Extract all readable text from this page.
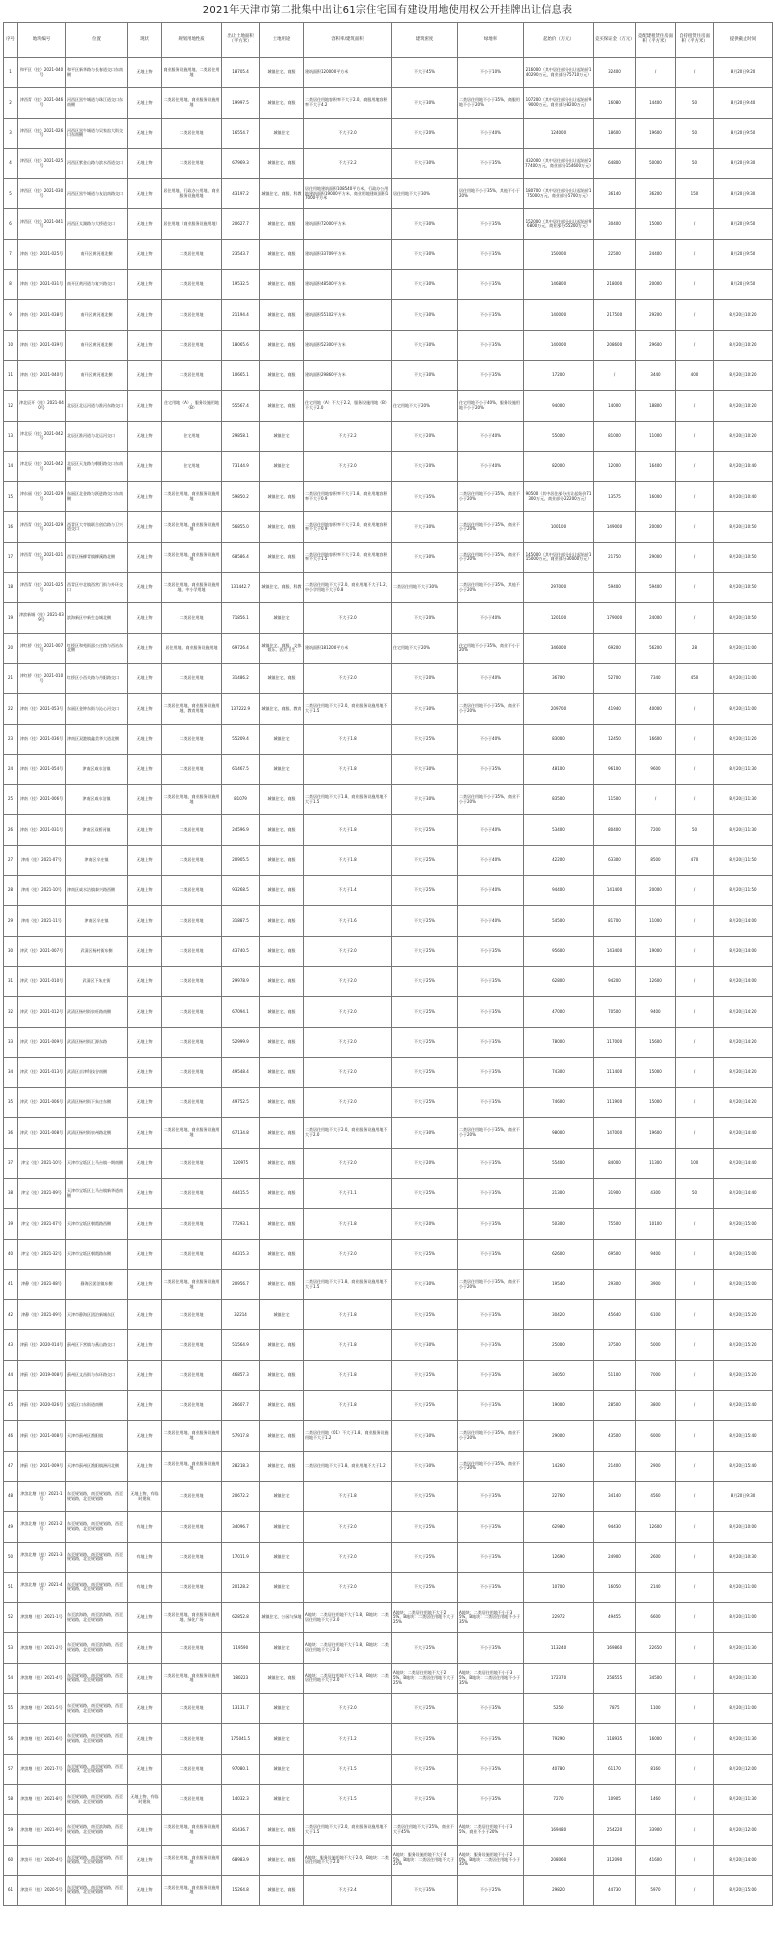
2021年天津市第二批集中出让61宗住宅国有建设用地使用权公开挂牌出让信息表
序号	地块编号	位置	现状	规划用地性质	出让土地面积（平方米）	土地用途	容积率/建筑面积	建筑密度	绿地率	起始价（万元）	竞买保证金（万元）	竞配建租赁住房面积（平方米）	自持租赁住房面积（平方米）	提供截止时间
1	和平区（挂）2021-040号	和平区新华路与长春道交口东南侧	无地上物	商业服务设施用地、二类居住用地	18705.4	城镇住宅、商服	建筑面积120000平方米	不大于45%	不小于10%	216000（其中居住部分出让起始价140290万元，商业部分75710万元）	32400	/	/	8月20日9:20
2	津西青（挂）2021-046号	河西区黑牛城道与珠江道交口东南侧	无地上物	二类居住用地、商业服务设施用地	19997.5	城镇住宅、商服	二类居住用地容积率不大于2.0，商服用地容积率不大于4.2	不大于30%	二类居住用地不小于35%，商服用地不小于20%	107200（其中居住部分出让起始价99000万元，商业部分8200万元）	16080	14400	50	8月20日9:40
3	津西区（挂）2021-026号	河西区黑牛城道与吴家窑大街交口东南侧	无地上物	二类居住用地	16554.7	城镇住宅	不大于2.0	不大于20%	不小于40%	124000	18600	19600	50	8月20日9:50
4	津西区（挂）2021-025号	河西区紫金山路与滨水西道交口	无地上物	二类居住用地	67969.3	城镇住宅、商服	不大于2.2	不大于30%	不小于35%	432000（其中居住部分出让起始价277400万元，商业部分154600万元）	64800	50000	50	8月20日9:30
5	津西区（挂）2021-030号	河西区黑牛城道与友谊南路交口	无地上物	居住用地、行政办公用地、商业服务设施用地	43197.2	城镇住宅、商服、科教	居住用地建筑面积108540平方米，行政办公用地建筑面积19000平方米，商业用地建筑面积17000平方米	居住用地不大于30%	居住用地不小于35%，其他不小于20%	180700（其中居住部分出让起始价175000万元，商业部分5700万元）	36140	36200	150	8月20日9:30
6	津西区（挂）2021-041号	河西区太湖路与大桥道交口	无地上物	居住用地（商业服务设施用地）	20627.7	城镇住宅、商服	建筑面积72000平方米	不大于30%	不小于35%	152000（其中居住部分出让起始价96800万元，商业部分55200万元）	30400	15000	/	8月20日9:50
7	津南（挂）2021-025号	南开区黄河道北侧	无地上物	二类居住用地	23543.7	城镇住宅、商服	建筑面积33709平方米	不大于30%	不小于35%	150000	22500	24400	/	8月20日9:50
8	津南（挂）2021-031号	南开区黄河道与复兴路交口	无地上物	二类居住用地	19532.5	城镇住宅、商服	建筑面积48500平方米	不大于30%	不小于35%	146800	218000	20000	/	8月20日9:50
9	津南（挂）2021-038号	南开区黄河道北侧	无地上物	二类居住用地	21194.4	城镇住宅、商服	建筑面积55102平方米	不大于30%	不小于35%	140000	217500	29200	/	8月20日10:20
10	津南（挂）2021-039号	南开区黄河道北侧	无地上物	二类居住用地	18065.6	城镇住宅、商服	建筑面积52300平方米	不大于30%	不小于35%	140000	208600	29600	/	8月20日10:20
11	津南（挂）2021-040号	南开区黄河道北侧	无地上物	二类居住用地	10665.1	城镇住宅、商服	建筑面积29860平方米	不大于30%	不小于35%	17200	/	3440	400	8月20日10:20
12	津北辰开（挂）2021-040号	北辰区北运河道与淮河东路交口	无地上物	住宅用地（A）、服务设施用地（B）	55567.4	城镇住宅、商服	住宅用地（A）不大于2.2，服务设施用地（B）不大于2.0	住宅用地不大于20%	住宅用地不小于40%，服务设施用地不小于20%	94000	14000	18800	/	8月20日10:20
13	津北辰（挂）2021-042号	北辰区淮河道与北运河交口	无地上物	住宅用地	29858.1	城镇住宅	不大于2.2	不大于20%	不小于40%	55000	81000	11000	/	8月20日10:20
14	津北辰（挂）2021-042号	北辰区天龙路与朝阳路交口东南侧	无地上物	住宅用地	73144.9	城镇住宅	不大于2.0	不大于20%	不小于40%	82000	12000	16400	/	8月20日10:40
15	津东丽（挂）2021-029号	东丽区北金路与跃进路交口东南侧	无地上物	二类居住用地、商业服务设施用地	59850.2	城镇住宅、商服	二类居住用地容积率不大于1.8，商业用地容积率不大于0.9	不大于35%	二类居住用地不小于35%，商业不小于20%	90500（其中居住部分出让起始价71300万元，商业部分22200万元）	13575	16000	/	8月20日10:40
16	津西青（挂）2021-029号	西青区大寺镇联合创信路与卫兴道交口	无地上物	二类居住用地、商业服务设施用地	56855.0	城镇住宅、商服	二类居住用地容积率不大于2.0，商业用地容积率不大于0.9	不大于30%	二类居住用地不小于35%，商业不小于20%	100100	149000	20000	/	8月20日10:50
17	津西青（挂）2021-021号	西青区杨柳青镇柳溪路北侧	无地上物	二类居住用地、商业服务设施用地	68586.4	城镇住宅、商服	二类居住用地容积率不大于2.0，商业用地容积率不大于1.5	不大于30%	二类居住用地不小于35%，商业不小于20%	145000（其中居住部分出让起始价115000万元，商业部分30000万元）	21750	29000	/	8月20日10:50
18	津西青（挂）2021-025号	西青区中北镇西营门街与外环交口	无地上物	二类居住用地、商业服务设施用地、中小学用地	131442.7	城镇住宅、商服、科教	二类居住用地不大于2.0，商业用地不大于1.2，中小学用地不大于0.8	二类居住用地不大于30%	二类居住用地不小于35%，其他不小于20%	297000	59400	59400	/	8月20日10:50
19	津滨新城（挂）2021-039号	滨海新区中新生态城北侧	无地上物	二类居住用地	71856.1	城镇住宅	不大于2.0	不大于20%	不小于40%	120100	179000	24000	/	8月20日10:50
20	津红桥（挂）2021-007号	红桥区和苑街邵公庄路与西站东北侧	无地上物	居住用地、商业服务设施用地	69726.4	城镇住宅、商服、文体娱乐、医疗卫生	建筑面积181200平方米	住宅用地不大于20%	住宅用地不小于35%，商业不小于20%	346000	69200	56200	28	8月20日11:00
21	津红桥（挂）2021-010号	红桥区小西关路与丹阳路交口	无地上物	二类居住用地	31486.2	城镇住宅、商服	不大于2.0	不大于20%	不小于40%	36700	52700	7340	450	8月20日11:00
22	津南（挂）2021-053号	东丽区金钟东街与沁心河交口	无地上物	二类居住用地、商业服务设施用地、教育用地	137222.9	城镇住宅、商服、教育	二类居住用地不大于2.0，商业服务设施用地不大于1.5	不大于30%	二类居住用地不小于35%，商业不小于20%	209700	41940	40000	/	8月20日11:00
23	津南（挂）2021-036号	津南区双港镇鑫美华大道北侧	无地上物	二类居住用地	55209.4	城镇住宅	不大于1.8	不大于25%	不小于40%	83000	12450	16600	/	8月20日11:20
24	津南（挂）2021-054号	津南区咸水沽镇	无地上物	二类居住用地	61467.5	城镇住宅	不大于1.8	不大于30%	不小于35%	48100	96100	9600	/	8月20日11:30
25	津南（挂）2021-006号	津南区咸水沽镇	无地上物	二类居住用地、商业服务设施用地	81079	城镇住宅、商服	二类居住用地不大于1.8，商业服务设施用地不大于1.5	不大于30%	二类居住用地不小于35%，商业不小于20%	83500	11500	/	/	8月20日11:30
26	津南（挂）2021-031号	津南区双桥河镇	无地上物	二类居住用地	24596.9	城镇住宅、商服	不大于1.8	不大于25%	不小于40%	53400	80400	7200	50	8月20日11:30
27	津南（挂）2021-07号	津南区辛庄镇	无地上物	二类居住用地	20905.5	城镇住宅、商服	不大于1.8	不大于25%	不小于40%	42200	63300	8500	470	8月20日11:50
28	津南（挂）2021-10号	津南区咸水沽镇泰兴路西侧	无地上物	二类居住用地	93268.5	城镇住宅、商服	不大于1.4	不大于25%	不小于40%	94400	141400	20000	/	8月20日11:50
29	津南（挂）2021-11号	津南区辛庄镇	无地上物	二类居住用地	31887.5	城镇住宅、商服	不大于1.6	不大于25%	不小于40%	54500	81700	11000	/	8月20日14:00
30	津武（挂）2021-007号	武清区杨村街东侧	无地上物	二类居住用地	43740.5	城镇住宅、商服	不大于2.0	不大于25%	不小于35%	95600	143400	19000	/	8月20日14:00
31	津武（挂）2021-010号	武清区下朱庄街	无地上物	二类居住用地	29978.9	城镇住宅、商服	不大于2.0	不大于25%	不小于35%	62800	94200	12600	/	8月20日14:00
32	津武（挂）2021-012号	武清区杨村街泉旺路南侧	无地上物	二类居住用地	67094.1	城镇住宅、商服	不大于2.0	不大于25%	不小于35%	47000	70500	9400	/	8月20日14:20
33	津武（挂）2021-009号	武清区杨村街汇源东路	无地上物	二类居住用地	52999.9	城镇住宅、商服	不大于2.0	不大于25%	不小于35%	78000	117000	15600	/	8月20日14:20
34	津武（挂）2021-013号	武清区京津科技谷南侧	无地上物	二类居住用地	49548.4	城镇住宅、商服	不大于2.0	不大于25%	不小于35%	74300	111400	15000	/	8月20日14:20
35	津武（挂）2021-006号	武清区杨村街下朱庄东侧	无地上物	二类居住用地	49752.5	城镇住宅、商服	不大于2.0	不大于25%	不小于35%	74600	111900	15000	/	8月20日14:20
36	津武（挂）2021-008号	武清区杨村街泉州路北侧	无地上物	二类居住用地、商业服务设施用地	67134.8	城镇住宅、商服	二类居住用地不大于2.0，商业服务设施用地不大于2.0	不大于30%	二类居住用地不小于35%，商业不小于20%	98000	147000	19600	/	8月20日14:40
37	津宝（挂）2021-10号	天津市宝坻区上马台镇一期南侧	无地上物	二类居住用地	120975	城镇住宅、商服	不大于2.0	不大于20%	不小于35%	55400	84000	11300	100	8月20日14:40
38	津宝（挂）2021-09号	天津市宝坻区上马台镇新华道南侧	无地上物	二类居住用地	44415.5	城镇住宅、商服	不大于1.1	不大于25%	不小于35%	21300	31900	4300	50	8月20日14:40
39	津宝（挂）2021-07号	天津市宝坻区朝霞路西侧	无地上物	二类居住用地	77293.1	城镇住宅、商服	不大于1.8	不大于20%	不小于35%	50300	75500	10100	/	8月20日15:00
40	津宝（挂）2021-32号	天津市宝坻区朝霞路东侧	无地上物	二类居住用地	44315.3	城镇住宅、商服	不大于2.0	不大于25%	不小于35%	62600	69500	9400	/	8月20日15:00
41	津静（挂）2021-08号	静海区团泊镇东侧	无地上物	二类居住用地、商业服务设施用地	20956.7	城镇住宅、商服	二类居住用地不大于1.8，商业服务设施用地不大于1.5	不大于30%	二类居住用地不小于35%，商业不小于20%	19540	29300	3900	/	8月20日15:00
42	津静（挂）2021-09号	天津市静海区团泊新城东区	无地上物	二类居住用地	32214	城镇住宅	不大于1.8	不大于25%	不小于35%	30420	45640	6100	/	8月20日15:20
43	津蓟（挂）2020-014号	蓟州区下营镇与燕山路交口	无地上物	二类居住用地	51564.9	城镇住宅、商服	不大于1.8	不大于30%	不小于35%	25000	37500	5000	/	8月20日15:20
44	津蓟（挂）2019-008号	蓟州区文昌街与东环路交口	无地上物	二类居住用地	46857.3	城镇住宅、商服	不大于1.8	不大于25%	不小于35%	34050	51100	7000	/	8月20日15:20
45	津蓟（挂）2020-026号	宝坻区口东街道南侧	无地上物	二类居住用地	26607.7	城镇住宅、商服	不大于1.8	不大于25%	不小于35%	19000	28500	3800	/	8月20日15:40
46	津蓟（挂）2021-008号	天津市蓟州区渔阳镇	无地上物	二类居住用地、商业服务设施用地	57917.8	城镇住宅、商服	二类居住用地（01）不大于1.8，商业服务设施用地不大于1.2	不大于30%	二类居住用地不小于35%，商业不小于20%	29000	43500	6000	/	8月20日15:40
47	津蓟（挂）2021-009号	天津市蓟州区渔阳镇洲河北侧	无地上物	二类居住用地、商业服务设施用地	28218.3	城镇住宅、商服	二类居住用地不大于1.8，商业用地不大于1.2	不大于30%	二类居住用地不小于35%，商业不小于20%	14260	21400	2900	/	8月20日15:40
48	津滨北塘（挂）2021-1号	东至规划路，南至规划路，西至规划路，北至规划路	无地上物，有临时建筑	二类居住用地	20672.2	城镇住宅	不大于1.8	不大于25%	不小于35%	22760	34140	4560	/	8月20日9:30
49	津滨北塘（挂）2021-2号	东至规划路，南至规划路，西至规划路，北至规划路	有地上物	二类居住用地	34096.7	城镇住宅	不大于2.0	不大于25%	不小于35%	62980	94430	12600	/	8月20日10:00
50	津滨北塘（挂）2021-3号	东至规划路，南至规划路，西至规划路，北至规划路	有地上物	二类居住用地	17011.9	城镇住宅	不大于2.0	不大于25%	不小于35%	12690	24900	2600	/	8月20日10:30
51	津滨北塘（挂）2021-4号	东至规划路，南至规划路，西至规划路，北至规划路	有地上物	二类居住用地	20128.2	城镇住宅	不大于2.0	不大于25%	不小于35%	10700	16050	2140	/	8月20日11:00
52	津滨塘（挂）2021-1号	东至滨海路，南至滨海路，西至规划路，北至规划路	无地上物	二类居住用地、商业服务设施用地、绿化广场	62852.8	城镇住宅、公园与绿地	A地块：二类居住用地不大于1.8，B地块：二类居住用地不大于2.0	A地块：二类居住用地不大于25%，B地块：二类居住用地不大于25%	A地块：二类居住用地不小于35%，B地块：二类居住用地不小于35%	22972	49455	6600	/	8月20日11:00
53	津滨塘（挂）2021-2号	东至规划路，南至滨海路，西至规划路，北至规划路	无地上物	二类居住用地	119590	城镇住宅	A地块：二类居住用地不大于1.8，B地块：二类居住用地不大于2.0	不大于25%	不小于35%	113240	169860	22650	/	8月20日11:30
54	津滨塘（挂）2021-4号	东至规划路，南至规划路，西至规划路，北至规划路	无地上物	二类居住用地、商业服务设施用地	180223	城镇住宅、商服	A地块：二类居住用地不大于1.8，B地块：二类居住用地不大于2.0	A地块：二类居住用地不大于25%，B地块：二类居住用地不大于25%	A地块：二类居住用地不小于35%，B地块：二类居住用地不小于35%	172370	258555	34500	/	8月20日11:30
55	津滨塘（挂）2021-5号	东至规划路，南至规划路，西至规划路，北至规划路	无地上物	二类居住用地	13131.7	城镇住宅	不大于2.0	不大于25%	不小于35%	5250	7875	1100	/	8月20日11:00
56	津滨塘（挂）2021-6号	东至规划路，南至规划路，西至规划路，北至规划路	无地上物	二类居住用地	175041.5	城镇住宅	不大于1.2	不大于25%	不小于35%	79290	118935	16000	/	8月20日11:30
57	津滨塘（挂）2021-7号	东至规划路，南至规划路，西至规划路，北至规划路	无地上物	二类居住用地	97080.1	城镇住宅	不大于1.5	不大于25%	不小于35%	40780	61170	8160	/	8月20日12:00
58	津滨塘（挂）2021-8号	东至规划路，南至规划路，西至规划路，北至规划路	无地上物，有临时建筑	二类居住用地	14032.3	城镇住宅	不大于1.5	不大于25%	不小于35%	7270	10905	1460	/	8月20日11:30
59	津滨塘（挂）2021-9号	东至规划路，南至滨海路，西至规划路，北至规划路	无地上物	二类居住用地、商业服务设施用地	81436.7	城镇住宅、商服	二类居住用地不大于2.0，商业服务设施用地不大于1.5	二类居住用地不大于25%，商业不大于45%	A地块：二类居住用地不小于35%，商业不小于20%	169480	254220	33900	/	8月20日12:00
60	津滨开（挂）2020-4号	东至规划路，南至规划路，西至规划路，北至规划路	无地上物	二类居住用地、商业服务设施用地	68983.9	城镇住宅、商服	A地块：服务设施用地不大于2.0，B地块：二类居住用地不大于2.0	A地块：服务设施用地不大于45%，B地块：二类居住用地不大于25%	A地块：服务设施用地不小于20%，B地块：二类居住用地不小于35%	208060	312090	41600	/	8月20日14:00
61	津滨开（挂）2020-5号	东至规划路，南至规划路，西至规划路，北至规划路	无地上物	二类居住用地、商业服务设施用地	15264.8	城镇住宅、商服	不大于2.4	不大于35%	不小于25%	29820	44730	5970	/	8月20日15:00
